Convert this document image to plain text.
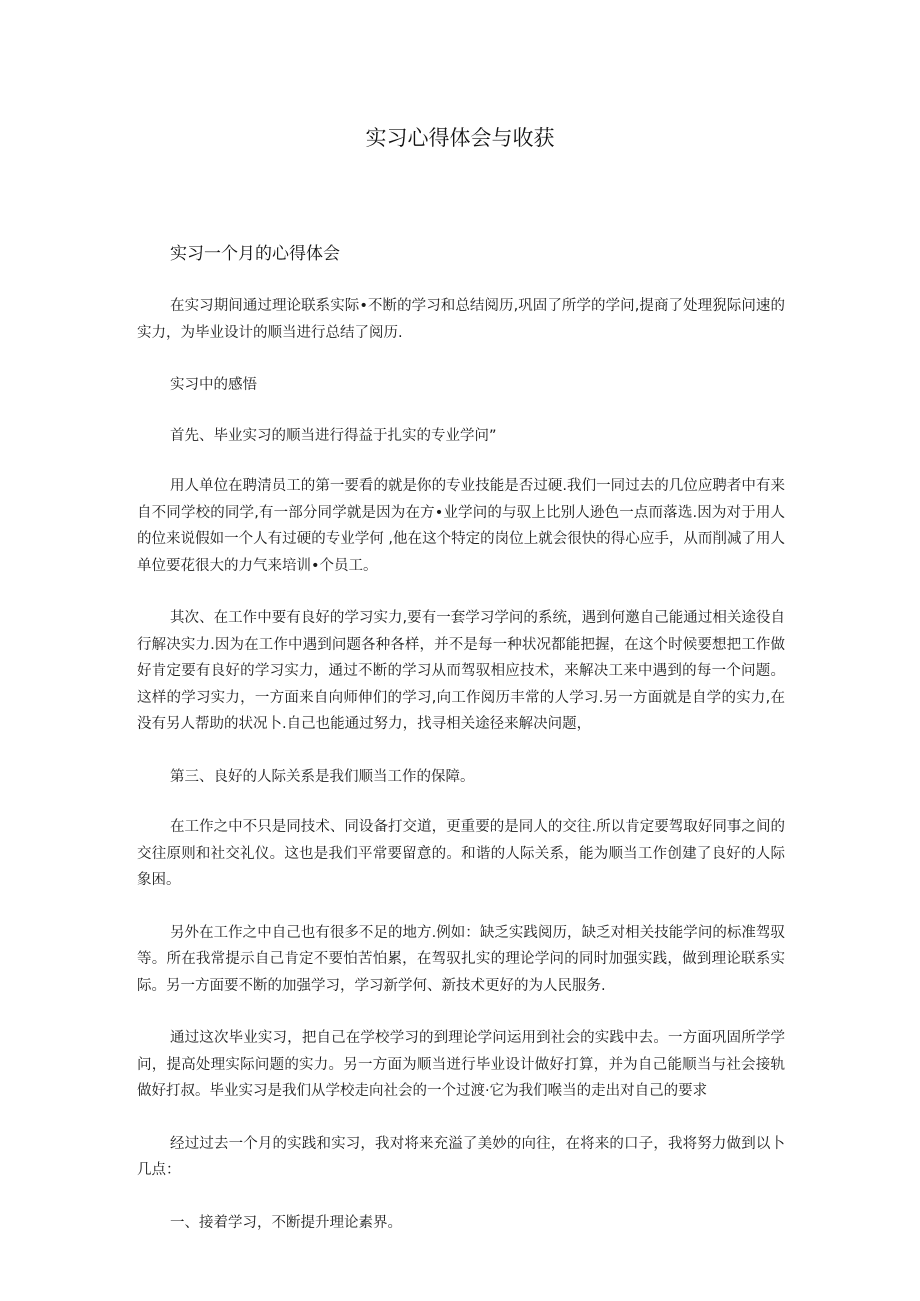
实习心得体会与收获
实习一个月的心得体会

在实习期间通过理论联系实际•不断的学习和总结阅历,巩固了所学的学问,提商了处理猊际问速的实力，为毕业设计的顺当进行总结了阅历.

实习中的感悟

首先、毕业实习的顺当进行得益于扎实的专业学问”

用人单位在聘清员工的第一要看的就是你的专业技能是否过硬.我们一同过去的几位应聘者中有来自不同学校的同学,有一部分同学就是因为在方•业学问的与驭上比别人逊色一点而落选.因为对于用人的位来说假如一个人有过硬的专业学何 ,他在这个特定的岗位上就会很快的得心应手，从而削减了用人单位要花很大的力气来培训•个员工。

其次、在工作中要有良好的学习实力,要有一套学习学问的系统，遇到何邀自己能通过相关途役自行解决实力.因为在工作中遇到问题各种各样，并不是每一种状况都能把握，在这个时候要想把工作做好肯定要有良好的学习实力，通过不断的学习从而驾驭相应技术，来解决工来中遇到的每一个问题。这样的学习实力，一方面来自向师伸们的学习,向工作阅历丰常的人学习.另一方面就是自学的实力,在没有另人帮助的状况卜.自己也能通过努力，找寻相关途径来解决问题，

第三、良好的人际关系是我们顺当工作的保障。

在工作之中不只是同技术、同设备打交道，更重要的是同人的交往.所以肯定要驾取好同事之间的交往原则和社交礼仪。这也是我们平常要留意的。和谐的人际关系，能为顺当工作创建了良好的人际象困。

另外在工作之中自己也有很多不足的地方.例如：缺乏实践阅历，缺乏对相关技能学问的标准驾驭等。所在我常提示自己肯定不要怕苦怕累，在驾驭扎实的理论学问的同时加强实践，做到理论联系实际。另一方面要不断的加强学习，学习新学何、新技术更好的为人民服务.

通过这次毕业实习，把自己在学校学习的到理论学问运用到社会的实践中去。一方面巩固所学学问，提高处理实际问题的实力。另一方面为顺当迸行毕业设计做好打算，并为自己能顺当与社会接轨做好打叔。毕业实习是我们从学校走向社会的一个过渡·它为我们喉当的走出对自己的要求

经过过去一个月的实践和实习，我对将来充溢了美妙的向往，在将来的口子，我将努力做到以卜几点：

一、接着学习，不断提升理论素界。
